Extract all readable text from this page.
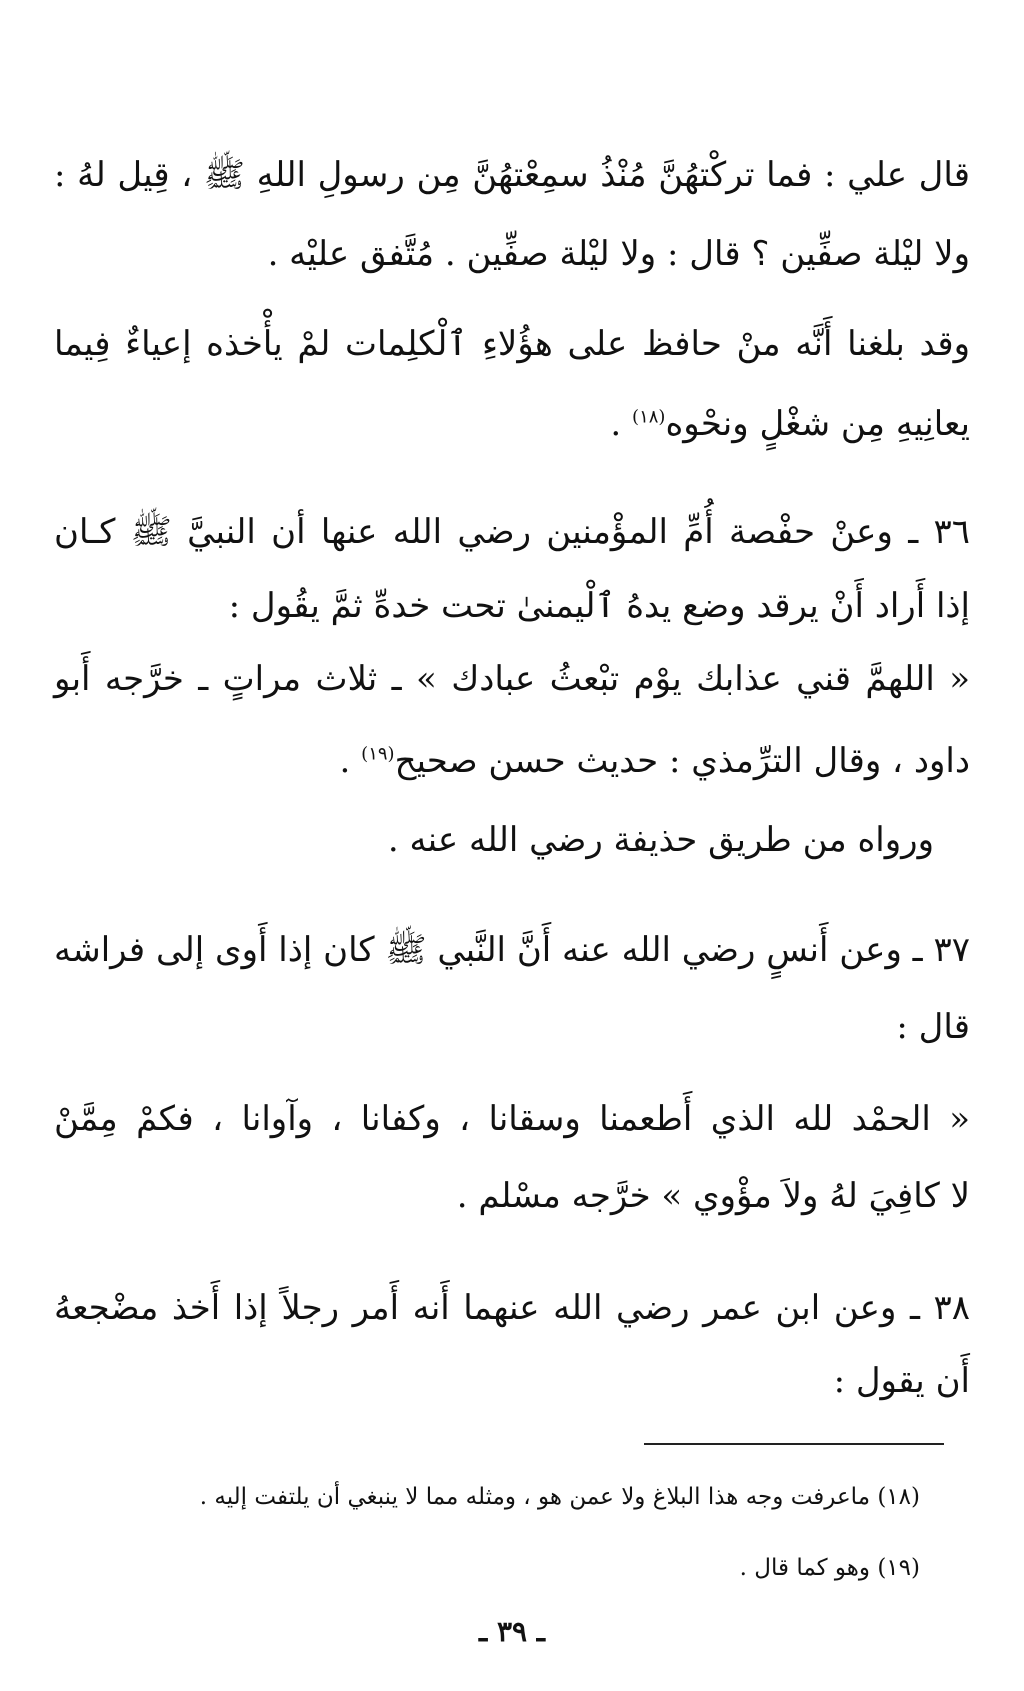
قال علي : فما تركْتهُنَّ مُنْذُ سمِعْتهُنَّ مِن رسولِ اللهِ ﷺ ، قِيل لهُ :
ولا ليْلة صفِّين ؟ قال : ولا ليْلة صفِّين . مُتَّفق عليْه .
وقد بلغنا أَنَّه منْ حافظ على هؤُلاءِ ٱلْكلِمات لمْ يأْخذه إعياءٌ فِيما
يعانِيهِ مِن شغْلٍ ونحْوه$^{(١٨)}$ .
٣٦ ـ وعنْ حفْصة أُمِّ المؤْمنين رضي الله عنها أن النبيَّ ﷺ كـان
إذا أَراد أَنْ يرقد وضع يدهُ ٱلْيمنىٰ تحت خدهِّ ثمَّ يقُول :
« اللهمَّ قني عذابك يوْم تبْعثُ عبادك » ـ ثلاث مراتٍ ـ خرَّجه أَبو
داود ، وقال الترِّمذي : حديث حسن صحيح$^{(١٩)}$ .
ورواه من طريق حذيفة رضي الله عنه .
٣٧ ـ وعن أَنسٍ رضي الله عنه أَنَّ النَّبي ﷺ كان إذا أَوى إلى فراشه
قال :
« الحمْد لله الذي أَطعمنا وسقانا ، وكفانا ، وآوانا ، فكمْ مِمَّنْ
لا كافِيَ لهُ ولاَ مؤْوي » خرَّجه مسْلم .
٣٨ ـ وعن ابن عمر رضي الله عنهما أَنه أَمر رجلاً إذا أَخذ مضْجعهُ
أَن يقول :
(١٨) ماعرفت وجه هذا البلاغ ولا عمن هو ، ومثله مما لا ينبغي أن يلتفت إليه .
(١٩) وهو كما قال .
ـ ٣٩ ـ
